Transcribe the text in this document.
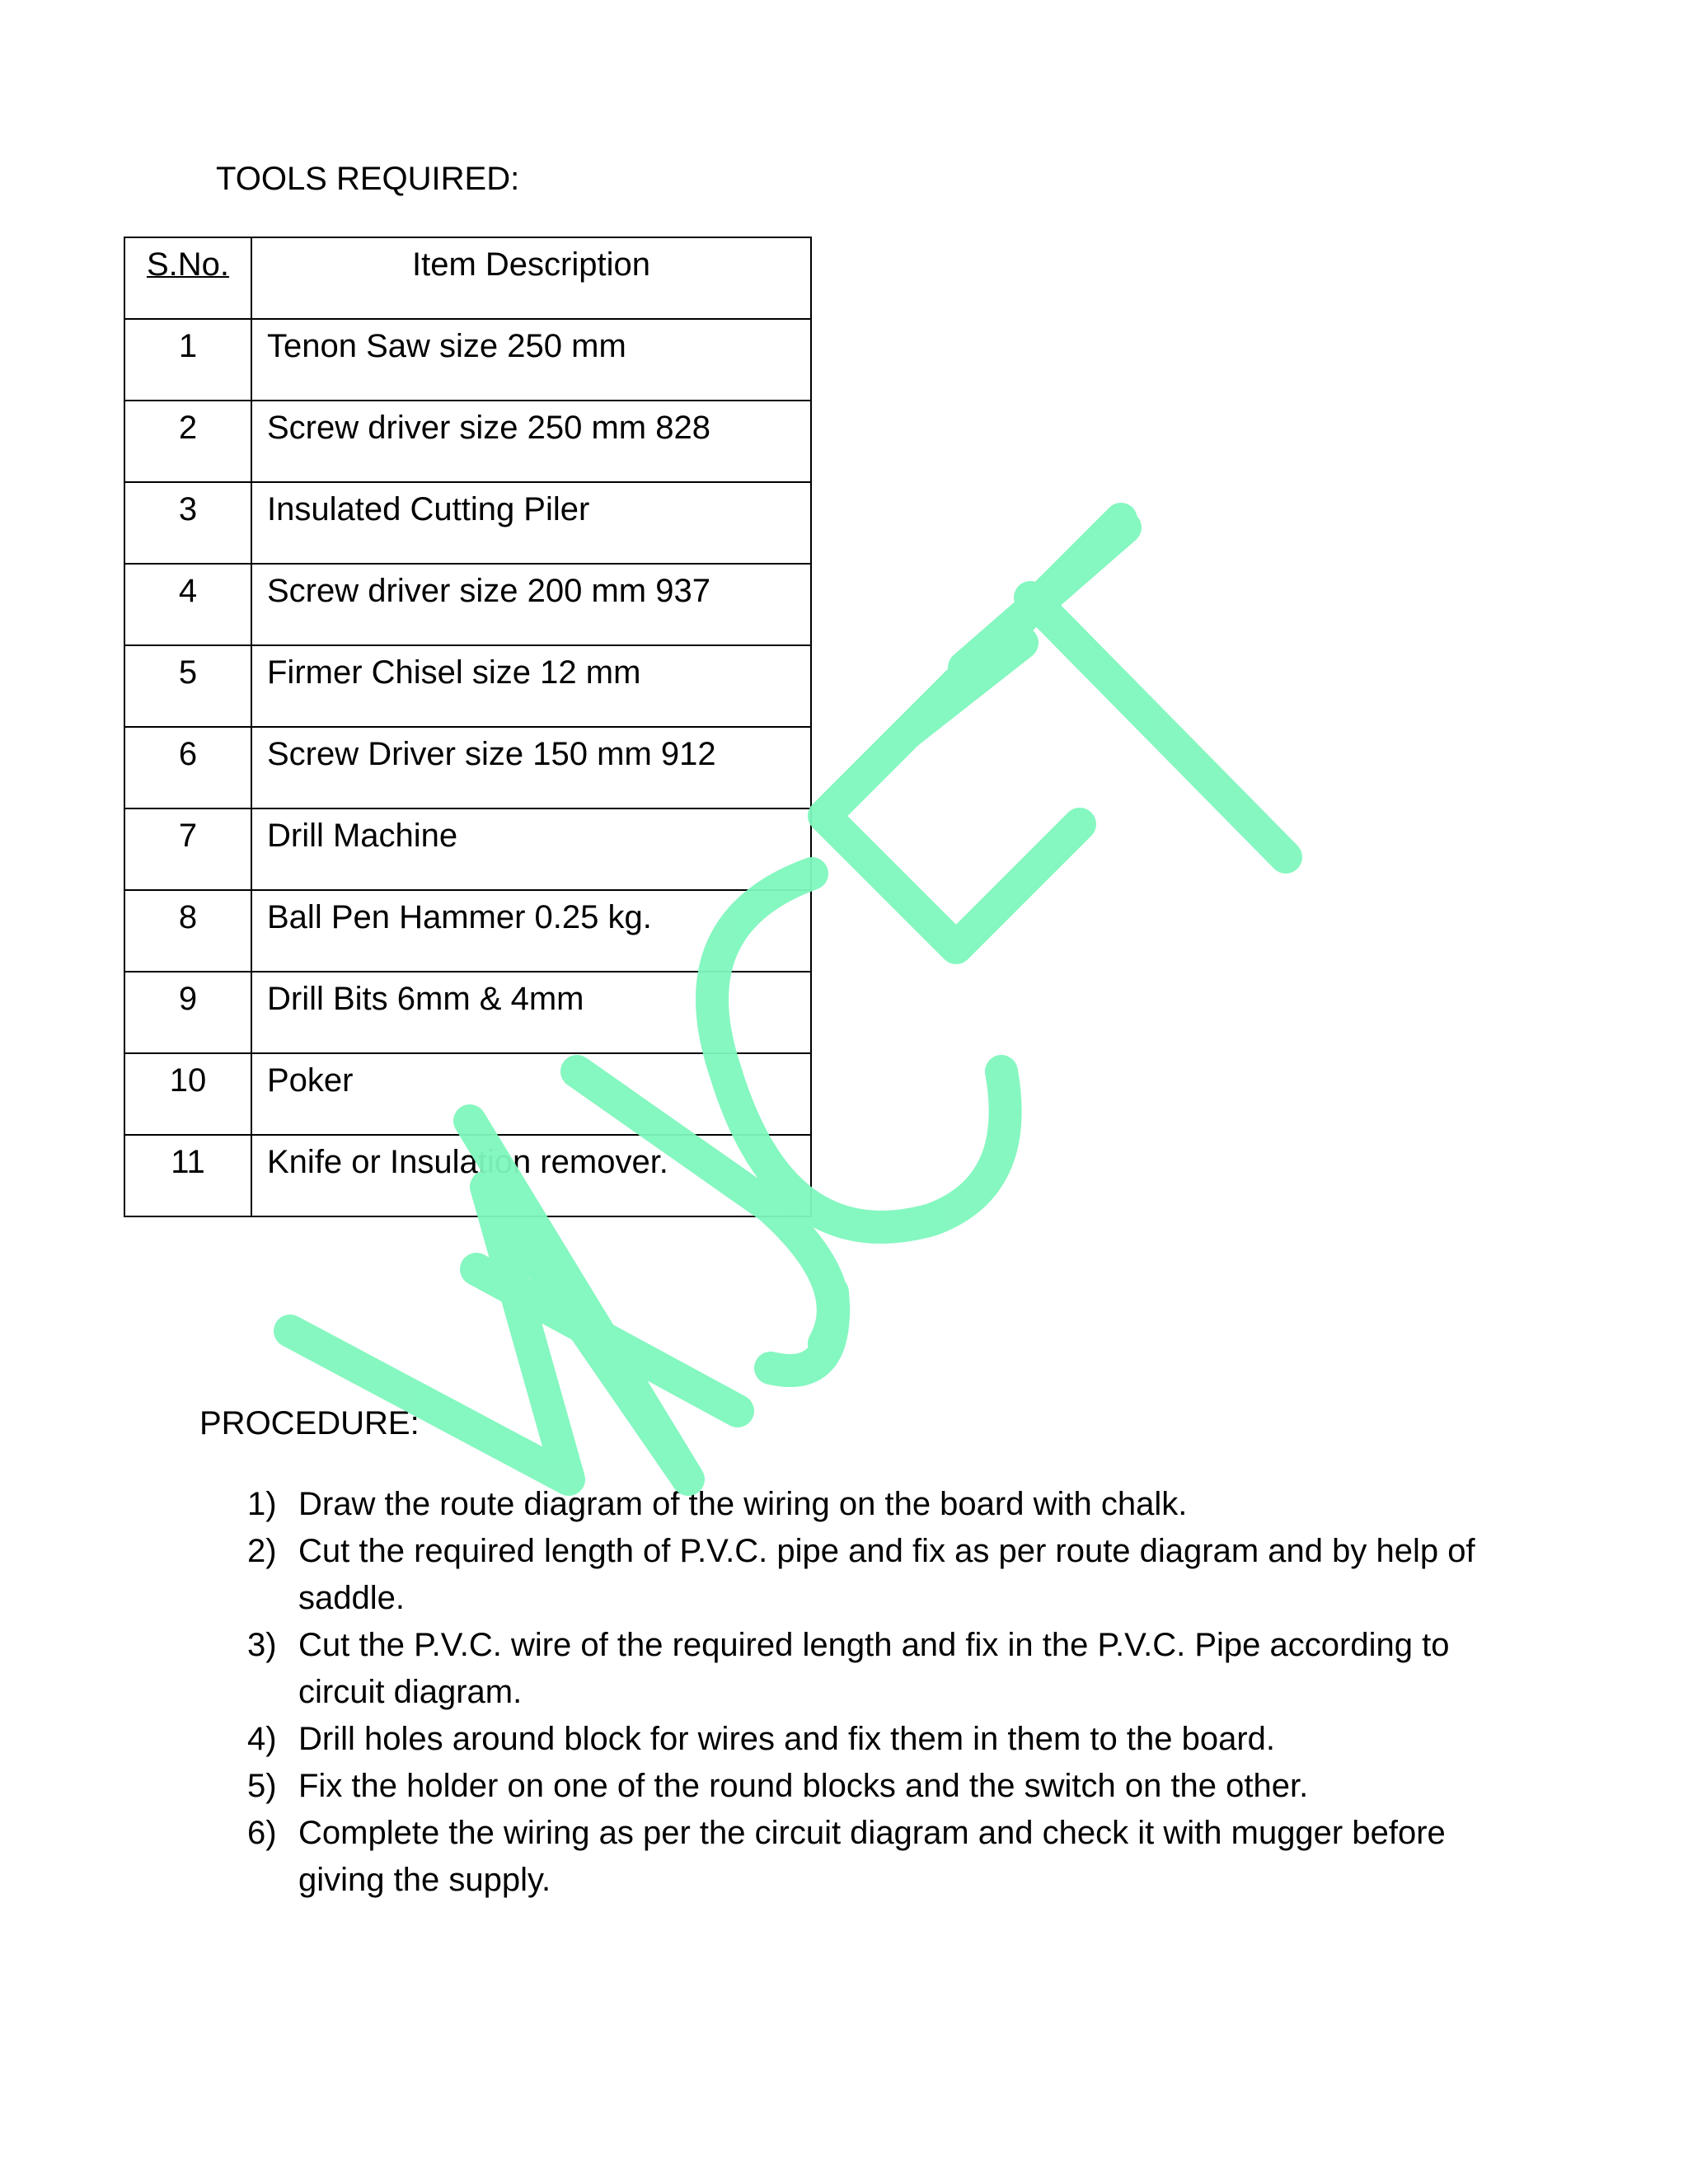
TOOLS REQUIRED:
S.No.	Item Description

1	Tenon Saw size 250 mm

2	Screw driver size 250 mm 828

3	Insulated Cutting Piler

4	Screw driver size 200 mm 937

5	Firmer Chisel size 12 mm

6	Screw Driver size 150 mm 912

7	Drill Machine

8	Ball Pen Hammer 0.25 kg.

9	Drill Bits 6mm & 4mm

10	Poker

11	Knife or Insulation remover.
PROCEDURE:
1) Draw the route diagram of the wiring on the board with chalk.
2) Cut the required length of P.V.C. pipe and fix as per route diagram and by help of saddle.
3) Cut the P.V.C. wire of the required length and fix in the P.V.C. Pipe according to circuit diagram.
4) Drill holes around block for wires and fix them in them to the board.
5) Fix the holder on one of the round blocks and the switch on the other.
6) Complete the wiring as per the circuit diagram and check it with mugger before giving the supply.
